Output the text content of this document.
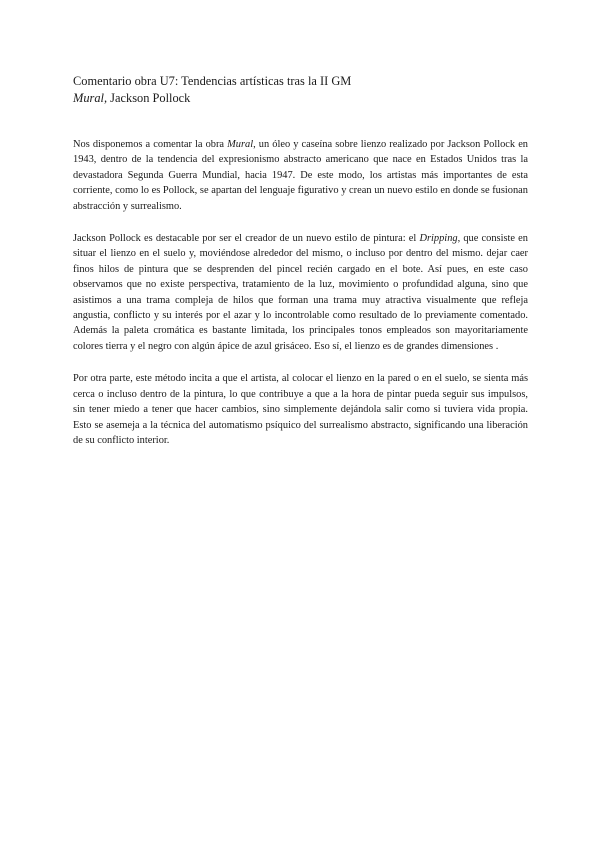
Comentario obra U7: Tendencias artísticas tras la II GM
Mural, Jackson Pollock

Nos disponemos a comentar la obra Mural, un óleo y caseína sobre lienzo realizado por Jackson Pollock en 1943, dentro de la tendencia del expresionismo abstracto americano que nace en Estados Unidos tras la devastadora Segunda Guerra Mundial, hacia 1947. De este modo, los artistas más importantes de esta corriente, como lo es Pollock, se apartan del lenguaje figurativo y crean un nuevo estilo en donde se fusionan abstracción y surrealismo.

Jackson Pollock es destacable por ser el creador de un nuevo estilo de pintura: el Dripping, que consiste en situar el lienzo en el suelo y, moviéndose alrededor del mismo, o incluso por dentro del mismo. dejar caer finos hilos de pintura que se desprenden del pincel recién cargado en el bote. Así pues, en este caso observamos que no existe perspectiva, tratamiento de la luz, movimiento o profundidad alguna, sino que asistimos a una trama compleja de hilos que forman una trama muy atractiva visualmente que refleja angustia, conflicto y su interés por el azar y lo incontrolable como resultado de lo previamente comentado. Además la paleta cromática es bastante limitada, los principales tonos empleados son mayoritariamente colores tierra y el negro con algún ápice de azul grisáceo. Eso sí, el lienzo es de grandes dimensiones .

Por otra parte, este método incita a que el artista, al colocar el lienzo en la pared o en el suelo, se sienta más cerca o incluso dentro de la pintura, lo que contribuye a que a la hora de pintar pueda seguir sus impulsos, sin tener miedo a tener que hacer cambios, sino simplemente dejándola salir como si tuviera vida propia. Esto se asemeja a la técnica del automatismo psíquico del surrealismo abstracto, significando una liberación de su conflicto interior.
